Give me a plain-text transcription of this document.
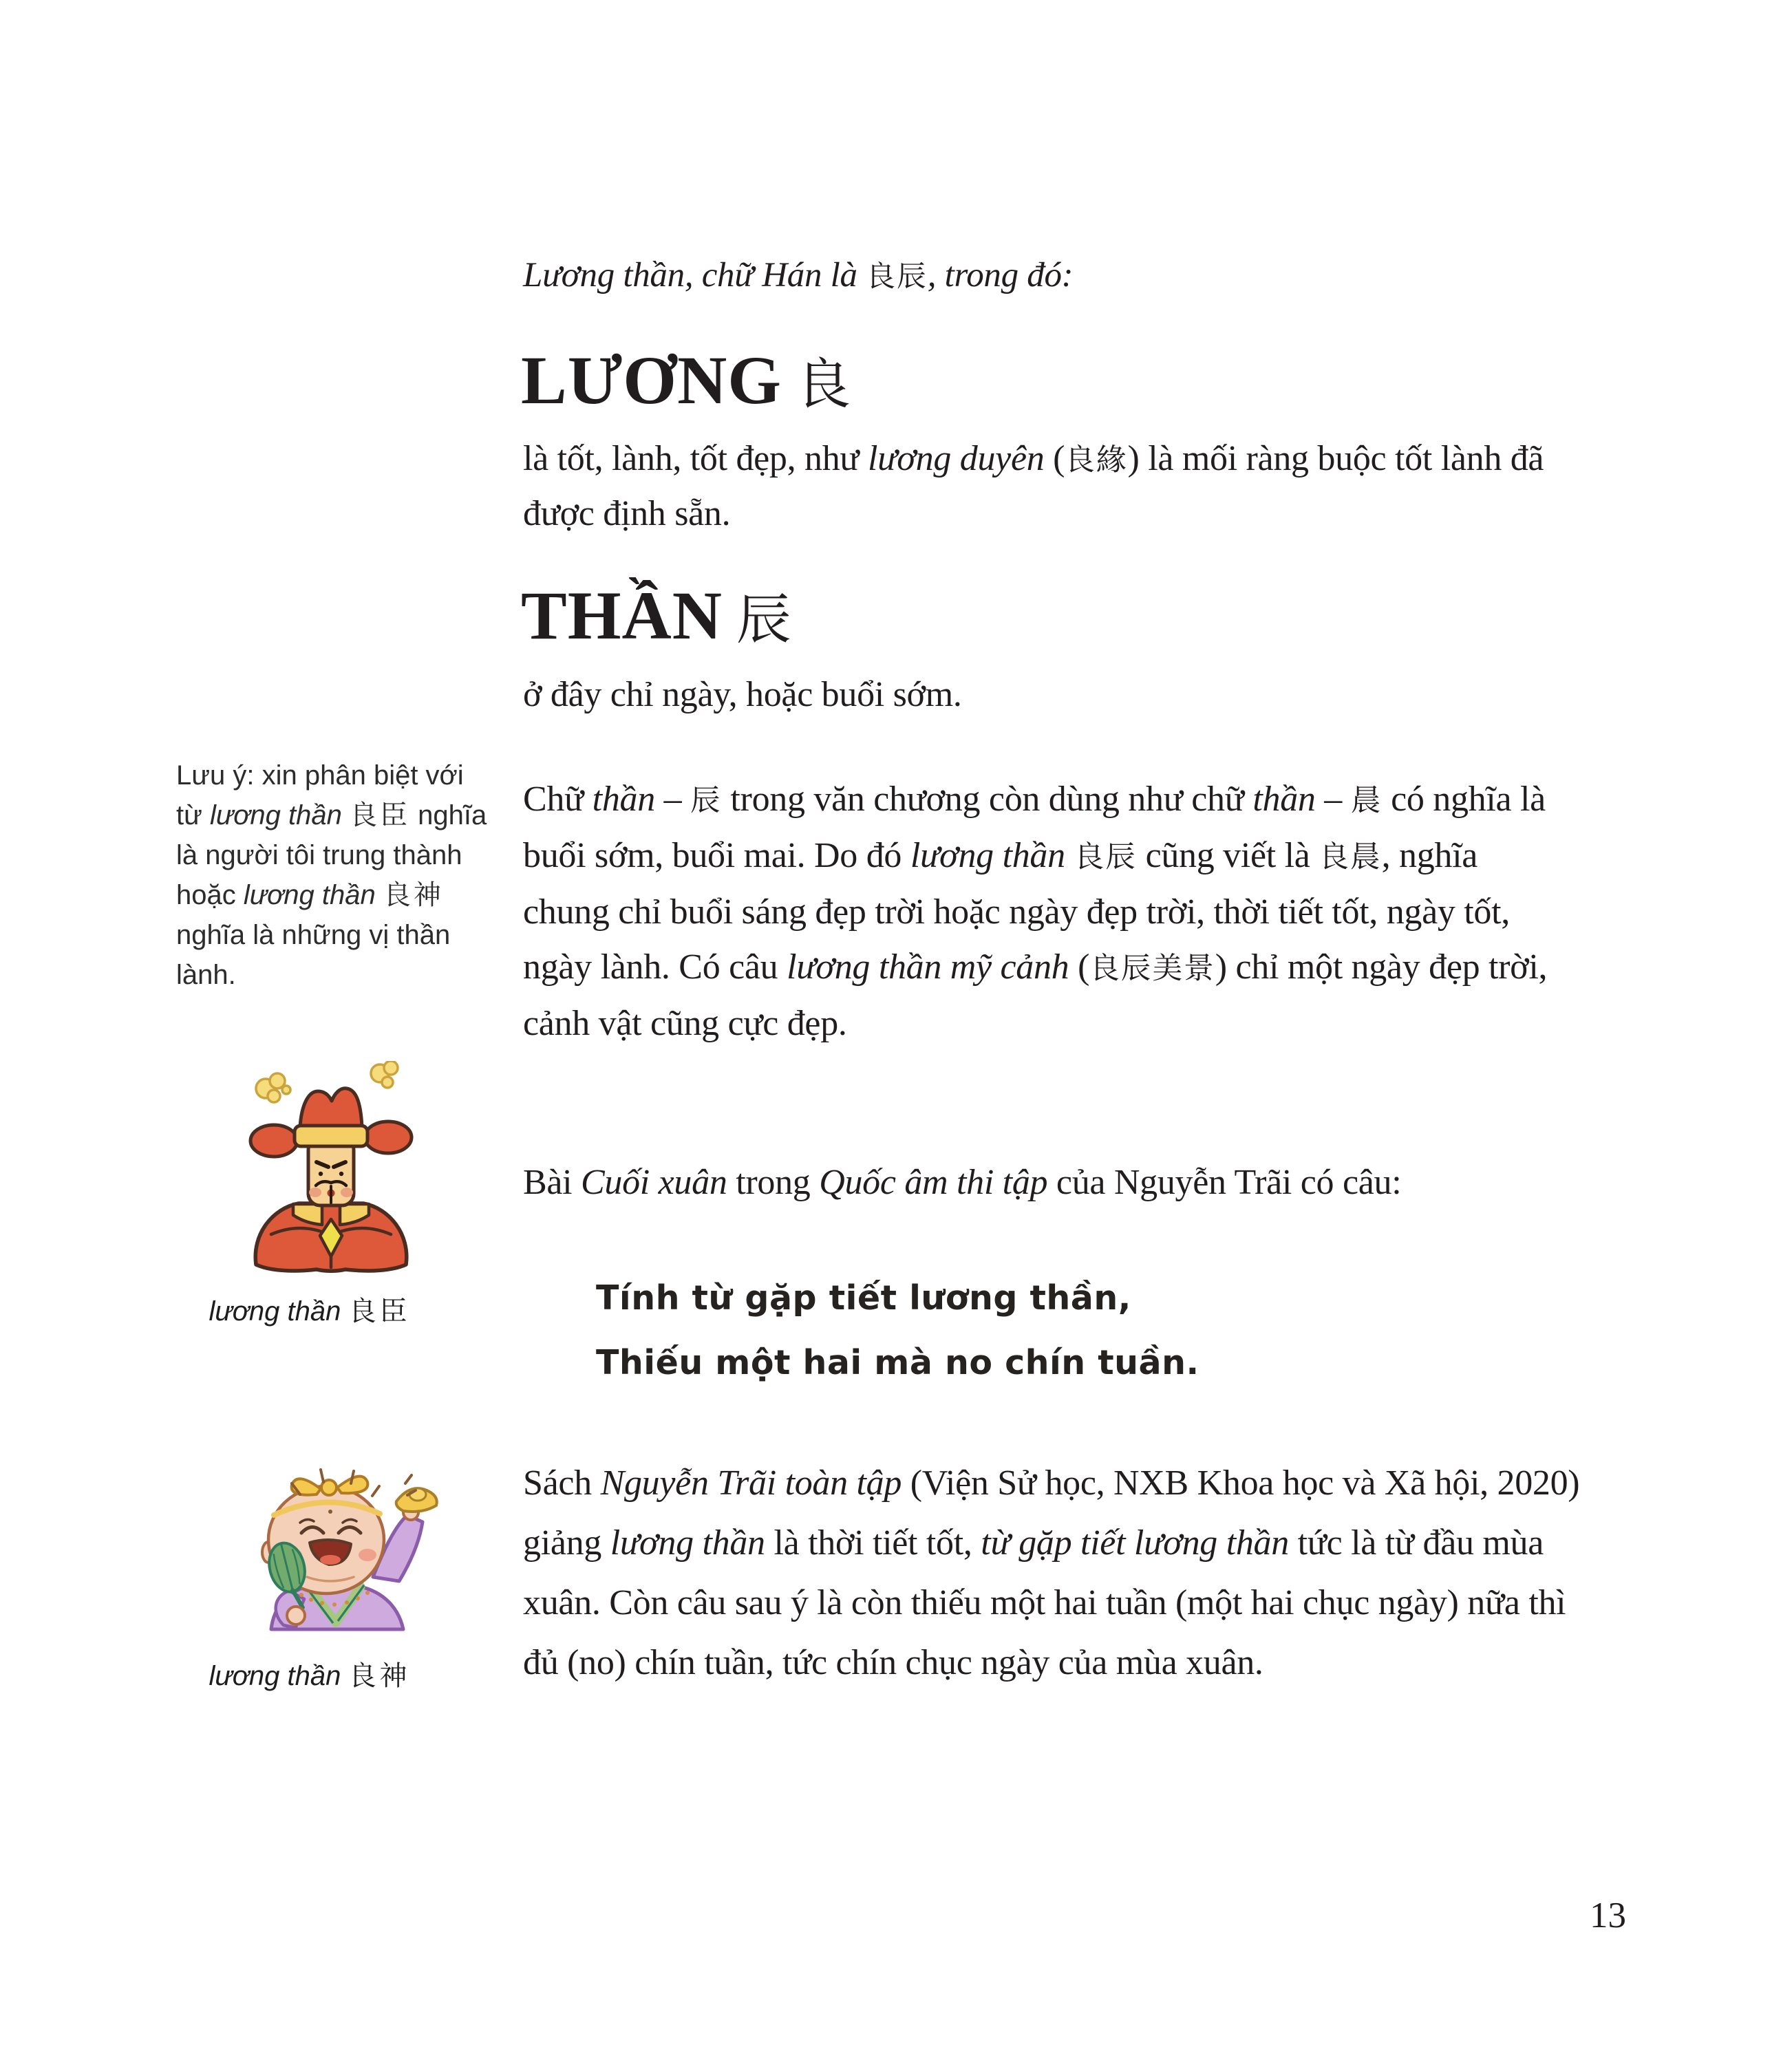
Lương thần, chữ Hán là 良辰, trong đó:

LƯƠNG 良

là tốt, lành, tốt đẹp, như lương duyên (良緣) là mối ràng buộc tốt lành đã được định sẵn.

THẦN 辰

ở đây chỉ ngày, hoặc buổi sớm.

Lưu ý: xin phân biệt với từ lương thần 良臣 nghĩa là người tôi trung thành hoặc lương thần 良神 nghĩa là những vị thần lành.

Chữ thần – 辰 trong văn chương còn dùng như chữ thần – 晨 có nghĩa là buổi sớm, buổi mai. Do đó lương thần 良辰 cũng viết là 良晨, nghĩa chung chỉ buổi sáng đẹp trời hoặc ngày đẹp trời, thời tiết tốt, ngày tốt, ngày lành. Có câu lương thần mỹ cảnh (良辰美景) chỉ một ngày đẹp trời, cảnh vật cũng cực đẹp.

Bài Cuối xuân trong Quốc âm thi tập của Nguyễn Trãi có câu:

Tính từ gặp tiết lương thần,
Thiếu một hai mà no chín tuần.

Sách Nguyễn Trãi toàn tập (Viện Sử học, NXB Khoa học và Xã hội, 2020) giảng lương thần là thời tiết tốt, từ gặp tiết lương thần tức là từ đầu mùa xuân. Còn câu sau ý là còn thiếu một hai tuần (một hai chục ngày) nữa thì đủ (no) chín tuần, tức chín chục ngày của mùa xuân.

lương thần 良臣
lương thần 良神
13
